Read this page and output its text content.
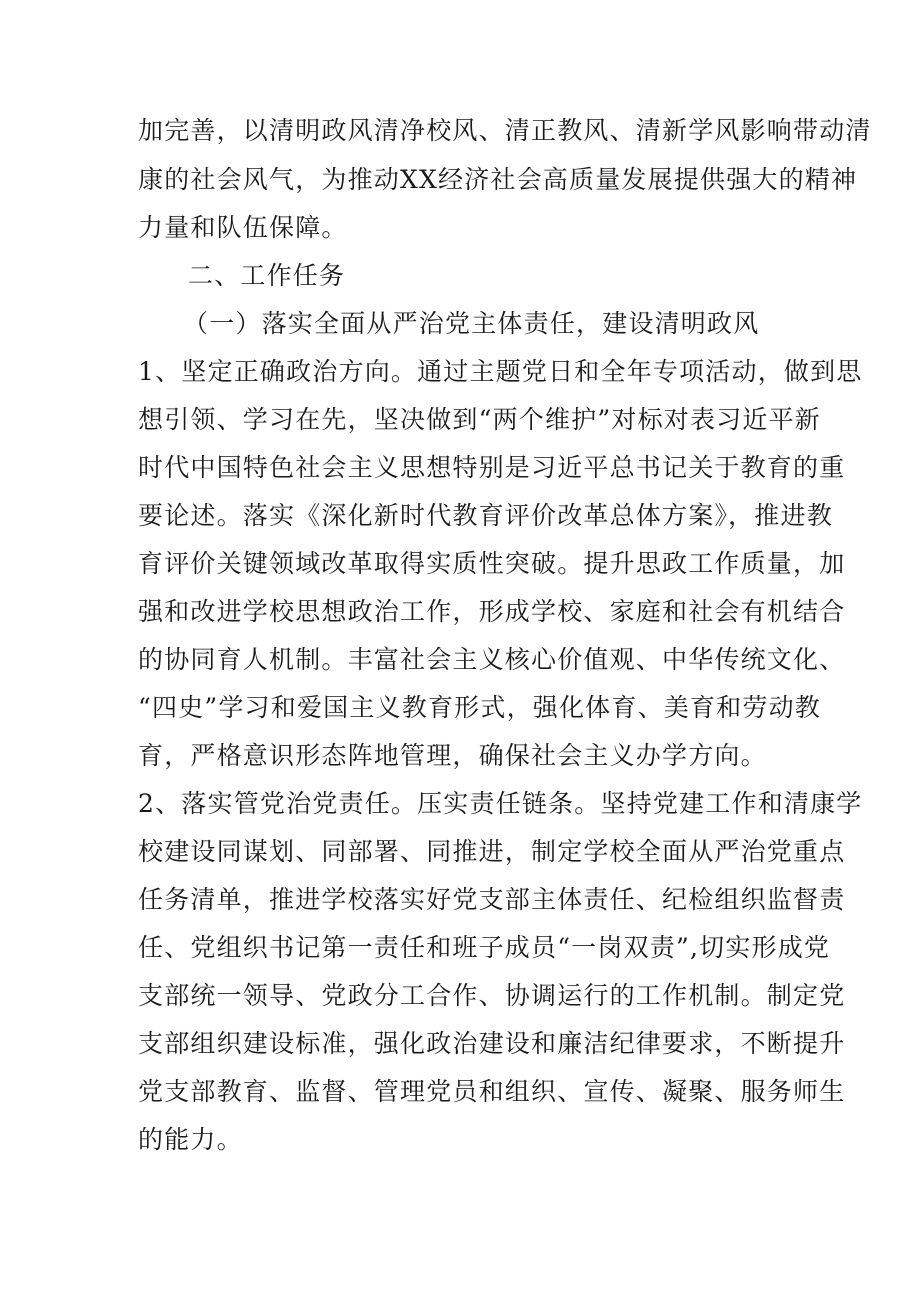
加完善，以清明政风清净校风、清正教风、清新学风影响带动清
康的社会风气，为推动XX经济社会高质量发展提供强大的精神
力量和队伍保障。
二、工作任务
（一）落实全面从严治党主体责任，建设清明政风
1、坚定正确政治方向。通过主题党日和全年专项活动，做到思
想引领、学习在先，坚决做到“两个维护”对标对表习近平新
时代中国特色社会主义思想特别是习近平总书记关于教育的重
要论述。落实《深化新时代教育评价改革总体方案》，推进教
育评价关键领域改革取得实质性突破。提升思政工作质量，加
强和改进学校思想政治工作，形成学校、家庭和社会有机结合
的协同育人机制。丰富社会主义核心价值观、中华传统文化、
“四史”学习和爱国主义教育形式，强化体育、美育和劳动教
育，严格意识形态阵地管理，确保社会主义办学方向。
2、落实管党治党责任。压实责任链条。坚持党建工作和清康学
校建设同谋划、同部署、同推进，制定学校全面从严治党重点
任务清单，推进学校落实好党支部主体责任、纪检组织监督责
任、党组织书记第一责任和班子成员“一岗双责”,切实形成党
支部统一领导、党政分工合作、协调运行的工作机制。制定党
支部组织建设标准，强化政治建设和廉洁纪律要求，不断提升
党支部教育、监督、管理党员和组织、宣传、凝聚、服务师生
的能力。
